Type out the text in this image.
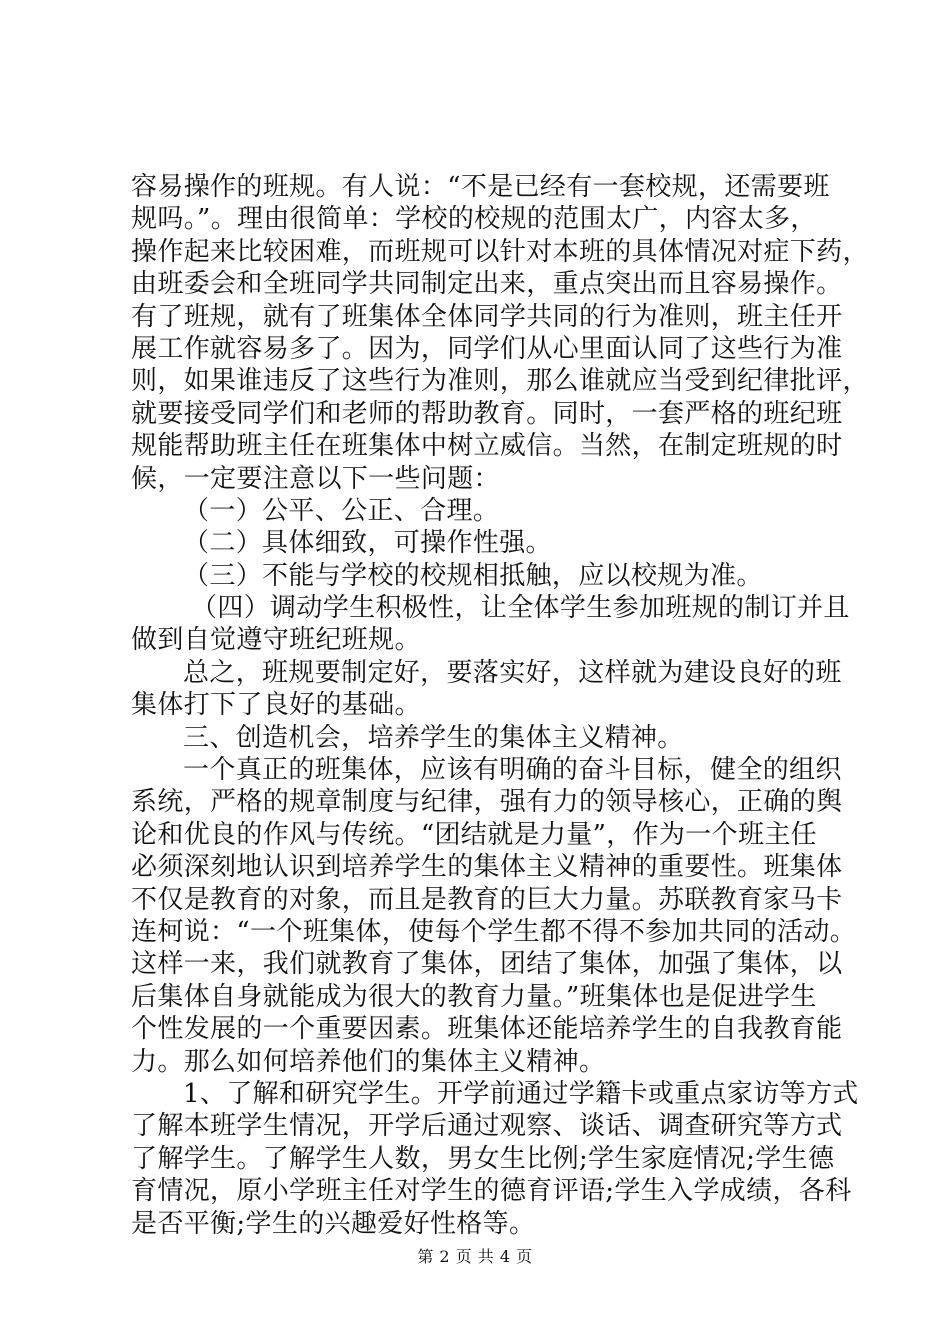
容易操作的班规。有人说：“不是已经有一套校规，还需要班
规吗。”。理由很简单：学校的校规的范围太广，内容太多，
操作起来比较困难，而班规可以针对本班的具体情况对症下药，
由班委会和全班同学共同制定出来，重点突出而且容易操作。
有了班规，就有了班集体全体同学共同的行为准则，班主任开
展工作就容易多了。因为，同学们从心里面认同了这些行为准
则，如果谁违反了这些行为准则，那么谁就应当受到纪律批评，
就要接受同学们和老师的帮助教育。同时，一套严格的班纪班
规能帮助班主任在班集体中树立威信。当然，在制定班规的时
候，一定要注意以下一些问题：
（一）公平、公正、合理。
（二）具体细致，可操作性强。
（三）不能与学校的校规相抵触，应以校规为准。
（四）调动学生积极性，让全体学生参加班规的制订并且
做到自觉遵守班纪班规。
总之，班规要制定好，要落实好，这样就为建设良好的班
集体打下了良好的基础。
三、创造机会，培养学生的集体主义精神。
一个真正的班集体，应该有明确的奋斗目标，健全的组织
系统，严格的规章制度与纪律，强有力的领导核心，正确的舆
论和优良的作风与传统。“团结就是力量”，作为一个班主任
必须深刻地认识到培养学生的集体主义精神的重要性。班集体
不仅是教育的对象，而且是教育的巨大力量。苏联教育家马卡
连柯说：“一个班集体，使每个学生都不得不参加共同的活动。
这样一来，我们就教育了集体，团结了集体，加强了集体，以
后集体自身就能成为很大的教育力量。”班集体也是促进学生
个性发展的一个重要因素。班集体还能培养学生的自我教育能
力。那么如何培养他们的集体主义精神。
1、了解和研究学生。开学前通过学籍卡或重点家访等方式
了解本班学生情况，开学后通过观察、谈话、调查研究等方式
了解学生。了解学生人数，男女生比例;学生家庭情况;学生德
育情况，原小学班主任对学生的德育评语;学生入学成绩，各科
是否平衡;学生的兴趣爱好性格等。
第 2 页 共 4 页
